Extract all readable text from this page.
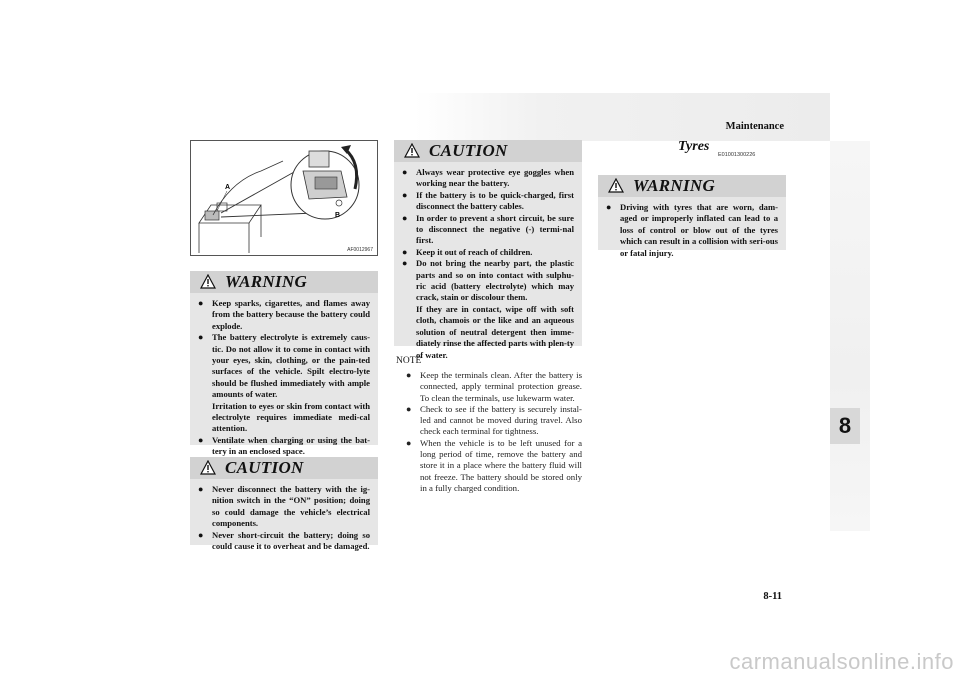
Maintenance
8
8-11
carmanualsonline.info
A
B
AF0012967
WARNING
● Keep sparks, cigarettes, and flames away from the battery because the battery could explode.
● The battery electrolyte is extremely caus-tic. Do not allow it to come in contact with your eyes, skin, clothing, or the pain-ted surfaces of the vehicle. Spilt electro-lyte should be flushed immediately with ample amounts of water.
Irritation to eyes or skin from contact with electrolyte requires immediate medi-cal attention.
● Ventilate when charging or using the bat-tery in an enclosed space.
CAUTION
● Never disconnect the battery with the ig-nition switch in the “ON” position; doing so could damage the vehicle’s electrical components.
● Never short-circuit the battery; doing so could cause it to overheat and be damaged.
CAUTION
● Always wear protective eye goggles when working near the battery.
● If the battery is to be quick-charged, first disconnect the battery cables.
● In order to prevent a short circuit, be sure to disconnect the negative (-) termi-nal first.
● Keep it out of reach of children.
● Do not bring the nearby part, the plastic parts and so on into contact with sulphu-ric acid (battery electrolyte) which may crack, stain or discolour them.
If they are in contact, wipe off with soft cloth, chamois or the like and an aqueous solution of neutral detergent then imme-diately rinse the affected parts with plen-ty of water.
NOTE
● Keep the terminals clean. After the battery is connected, apply terminal protection grease. To clean the terminals, use lukewarm water.
● Check to see if the battery is securely instal-led and cannot be moved during travel. Also check each terminal for tightness.
● When the vehicle is to be left unused for a long period of time, remove the battery and store it in a place where the battery fluid will not freeze. The battery should be stored only in a fully charged condition.
Tyres
E01001300226
WARNING
● Driving with tyres that are worn, dam-aged or improperly inflated can lead to a loss of control or blow out of the tyres which can result in a collision with seri-ous or fatal injury.
